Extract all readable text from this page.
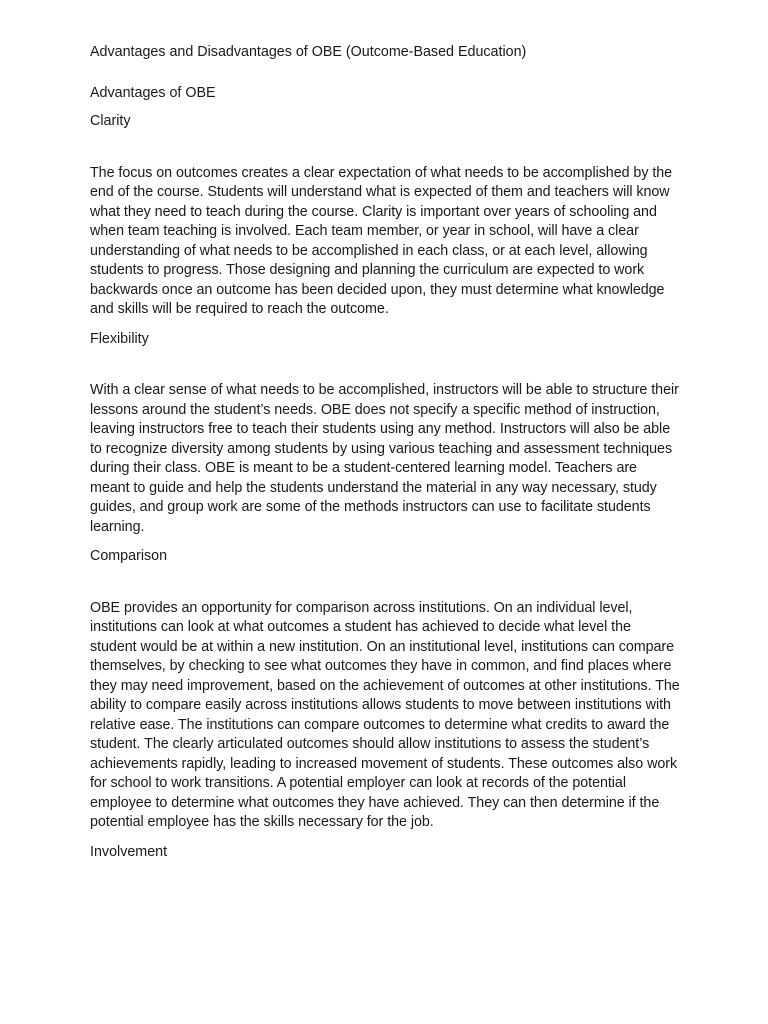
Advantages and Disadvantages of OBE (Outcome-Based Education)

Advantages of OBE

Clarity

The focus on outcomes creates a clear expectation of what needs to be accomplished by the end of the course. Students will understand what is expected of them and teachers will know what they need to teach during the course. Clarity is important over years of schooling and when team teaching is involved. Each team member, or year in school, will have a clear understanding of what needs to be accomplished in each class, or at each level, allowing students to progress. Those designing and planning the curriculum are expected to work backwards once an outcome has been decided upon, they must determine what knowledge and skills will be required to reach the outcome.

Flexibility

With a clear sense of what needs to be accomplished, instructors will be able to structure their lessons around the student’s needs. OBE does not specify a specific method of instruction, leaving instructors free to teach their students using any method. Instructors will also be able to recognize diversity among students by using various teaching and assessment techniques during their class. OBE is meant to be a student-centered learning model. Teachers are meant to guide and help the students understand the material in any way necessary, study guides, and group work are some of the methods instructors can use to facilitate students learning.

Comparison

OBE provides an opportunity for comparison across institutions. On an individual level, institutions can look at what outcomes a student has achieved to decide what level the student would be at within a new institution. On an institutional level, institutions can compare themselves, by checking to see what outcomes they have in common, and find places where they may need improvement, based on the achievement of outcomes at other institutions. The ability to compare easily across institutions allows students to move between institutions with relative ease. The institutions can compare outcomes to determine what credits to award the student. The clearly articulated outcomes should allow institutions to assess the student’s achievements rapidly, leading to increased movement of students. These outcomes also work for school to work transitions. A potential employer can look at records of the potential employee to determine what outcomes they have achieved. They can then determine if the potential employee has the skills necessary for the job.

Involvement
